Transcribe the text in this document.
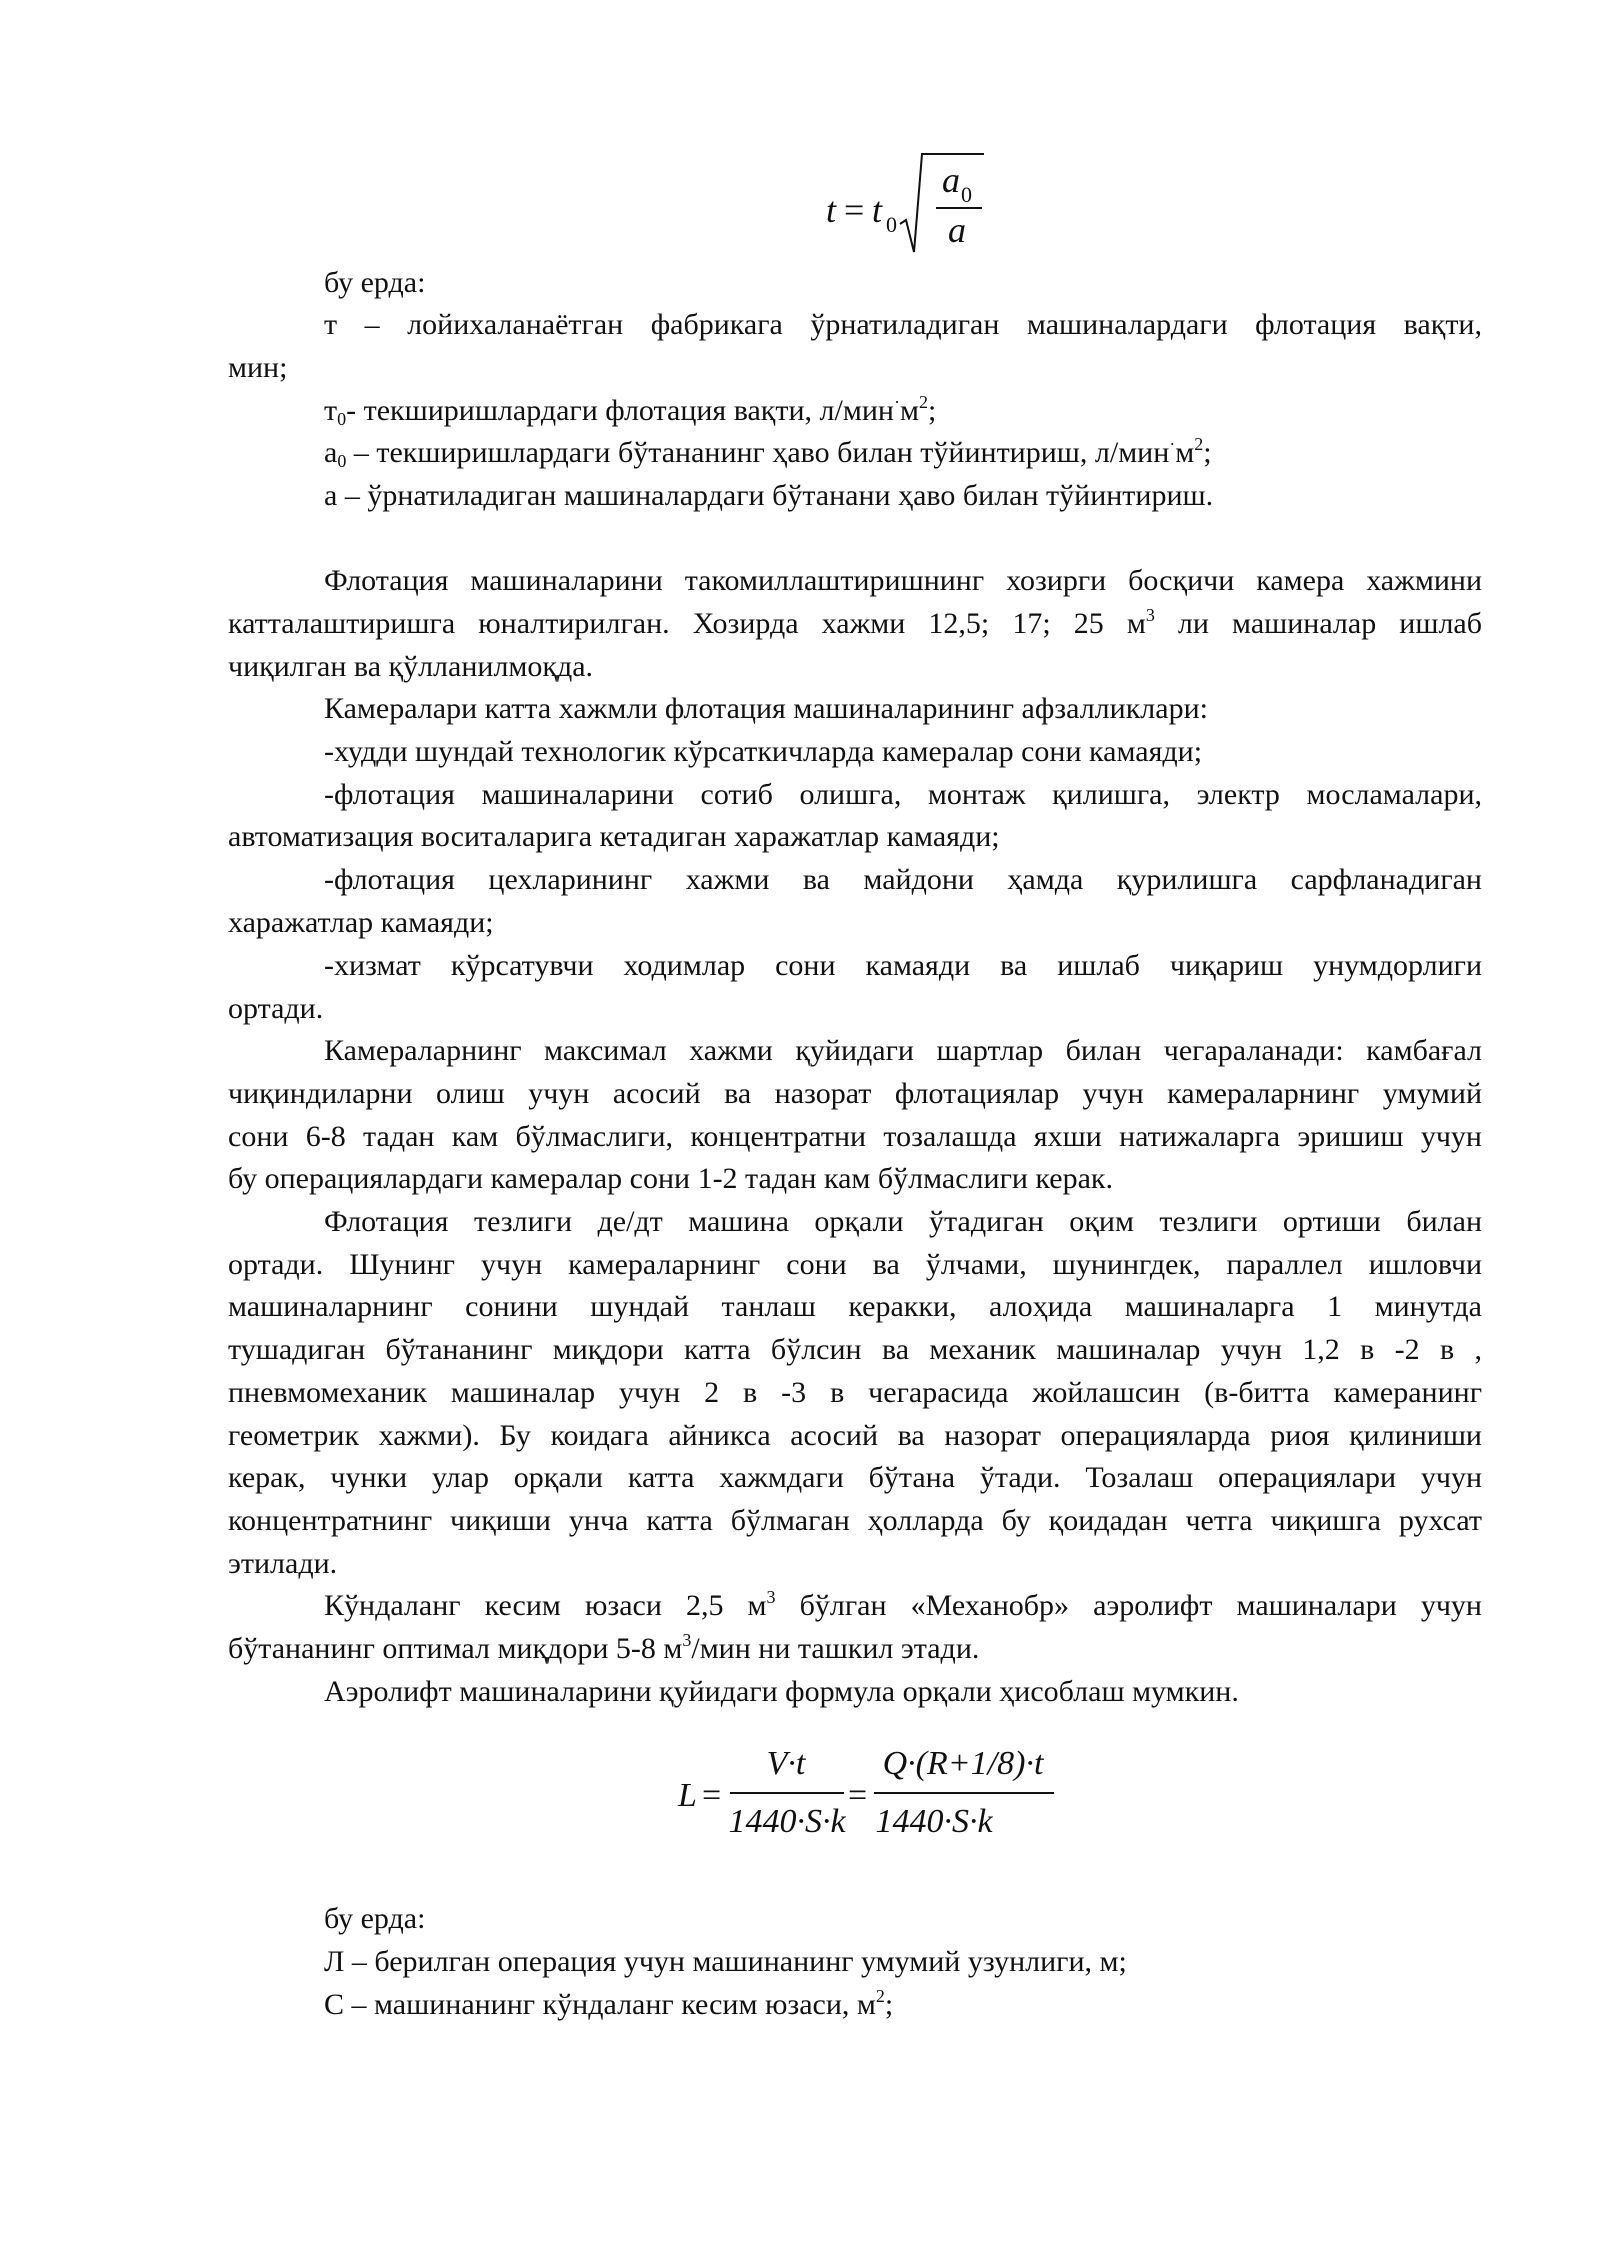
t = t 0
a 0
a
бу ерда:
т – лойихаланаётган фабрикага ўрнатиладиган машиналардаги флотация вақти,
мин;
$т_0-$ текширишлардаги флотация вақти, $л/мин^\cdot м^2$;
$а_0$ – текширишлардаги бўтананинг ҳаво билан тўйинтириш, $л/мин^\cdot м^2$;
а – ўрнатиладиган машиналардаги бўтанани ҳаво билан тўйинтириш.
Флотация машиналарини такомиллаштиришнинг хозирги босқичи камера хажмини
катталаштиришга юналтирилган. Хозирда хажми 12,5; 17; 25 $м^3$ ли машиналар ишлаб
чиқилган ва қўлланилмоқда.
Камералари катта хажмли флотация машиналарининг афзалликлари:
-худди шундай технологик кўрсаткичларда камералар сони камаяди;
-флотация машиналарини сотиб олишга, монтаж қилишга, электр мосламалари,
автоматизация воситаларига кетадиган харажатлар камаяди;
-флотация цехларининг хажми ва майдони ҳамда қурилишга сарфланадиган
харажатлар камаяди;
-хизмат кўрсатувчи ходимлар сони камаяди ва ишлаб чиқариш унумдорлиги
ортади.
Камераларнинг максимал хажми қуйидаги шартлар билан чегараланади: камбағал
чиқиндиларни олиш учун асосий ва назорат флотациялар учун камераларнинг умумий
сони 6-8 тадан кам бўлмаслиги, концентратни тозалашда яхши натижаларга эришиш учун
бу операциялардаги камералар сони 1-2 тадан кам бўлмаслиги керак.
Флотация тезлиги де/дт машина орқали ўтадиган оқим тезлиги ортиши билан
ортади. Шунинг учун камераларнинг сони ва ўлчами, шунингдек, параллел ишловчи
машиналарнинг сонини шундай танлаш керакки, алоҳида машиналарга 1 минутда
тушадиган бўтананинг миқдори катта бўлсин ва механик машиналар учун 1,2 в -2 в ,
пневмомеханик машиналар учун 2 в -3 в чегарасида жойлашсин (в-битта камеранинг
геометрик хажми). Бу коидага айникса асосий ва назорат операцияларда риоя қилиниши
керак, чунки улар орқали катта хажмдаги бўтана ўтади. Тозалаш операциялари учун
концентратнинг чиқиши унча катта бўлмаган ҳолларда бу қоидадан четга чиқишга рухсат
этилади.
Кўндаланг кесим юзаси 2,5 $м^3$ бўлган «Механобр» аэролифт машиналари учун
бўтананинг оптимал миқдори 5-8 $м^3$/мин ни ташкил этади.
Аэролифт машиналарини қуйидаги формула орқали ҳисоблаш мумкин.
L =
V·t
1440·S·k
=
Q·(R+1/8)·t
1440·S·k
бу ерда:
Л – берилган операция учун машинанинг умумий узунлиги, м;
С – машинанинг кўндаланг кесим юзаси, $м^2$;
